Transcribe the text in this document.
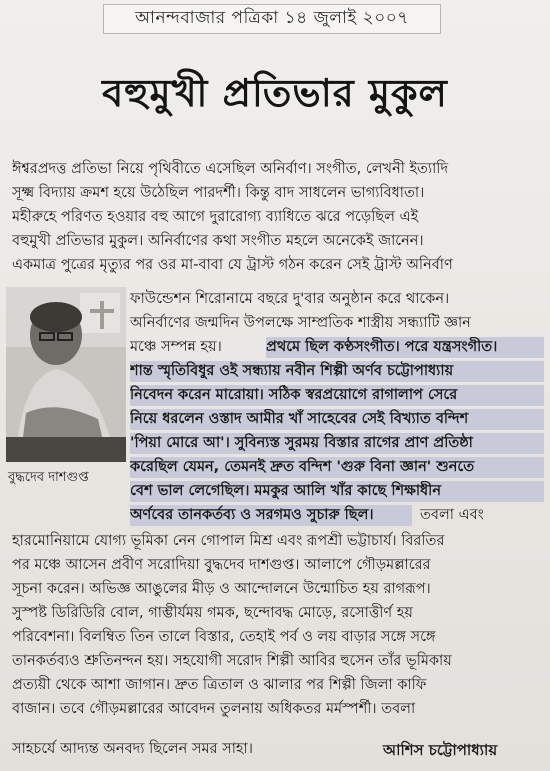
আনন্দবাজার পত্রিকা ১৪ জুলাই ২০০৭
বহুমুখী প্রতিভার মুকুল
ঈশ্বরপ্রদত্ত প্রতিভা নিয়ে পৃথিবীতে এসেছিল অনির্বাণ। সংগীত, লেখনী ইত্যাদি
সূক্ষ্ম বিদ্যায় ক্রমশ হয়ে উঠেছিল পারদর্শী। কিন্তু বাদ সাধলেন ভাগ্যবিধাতা।
মহীরুহে পরিণত হওয়ার বহু আগে দুরারোগ্য ব্যাধিতে ঝরে পড়েছিল এই
বহুমুখী প্রতিভার মুকুল। অনির্বাণের কথা সংগীত মহলে অনেকেই জানেন।
একমাত্র পুত্রের মৃত্যুর পর ওর মা-বাবা যে ট্রাস্ট গঠন করেন সেই ট্রাস্ট অনির্বাণ
ফাউন্ডেশন শিরোনামে বছরে দু'বার অনুষ্ঠান করে থাকেন।
অনির্বাণের জন্মদিন উপলক্ষে সাম্প্রতিক শাস্ত্রীয় সন্ধ্যাটি জ্ঞান
মঞ্চে সম্পন্ন হয়।	প্রথমে ছিল কণ্ঠসংগীত। পরে যন্ত্রসংগীত।
শান্ত স্মৃতিবিধুর ওই সন্ধ্যায় নবীন শিল্পী অর্ণব চট্টোপাধ্যায়
নিবেদন করেন মারোয়া। সঠিক স্বরপ্রয়োগে রাগালাপ সেরে
নিয়ে ধরলেন ওস্তাদ আমীর খাঁ সাহেবের সেই বিখ্যাত বন্দিশ
'পিয়া মোরে আ'। সুবিন্যস্ত সুরময় বিস্তার রাগের প্রাণ প্রতিষ্ঠা
করেছিল যেমন, তেমনই দ্রুত বন্দিশ 'গুরু বিনা জ্ঞান' শুনতে
বেশ ভাল লেগেছিল। মমকুর আলি খাঁর কাছে শিক্ষাধীন
অর্ণবের তানকর্তব্য ও সরগমও সুচারু ছিল।	তবলা এবং
হারমোনিয়ামে যোগ্য ভূমিকা নেন গোপাল মিশ্র এবং রূপশ্রী ভট্টাচার্য। বিরতির
পর মঞ্চে আসেন প্রবীণ সরোদিয়া বুদ্ধদেব দাশগুপ্ত। আলাপে গৌড়মল্লারের
সূচনা করেন। অভিজ্ঞ আঙুলের মীড় ও আন্দোলনে উন্মোচিত হয় রাগরূপ।
সুস্পষ্ট ডিরিডিরি বোল, গাম্ভীর্যময় গমক, ছন্দোবদ্ধ মোড়ে, রসোত্তীর্ণ হয়
পরিবেশনা। বিলম্বিত তিন তালে বিস্তার, তেহাই পর্ব ও লয় বাড়ার সঙ্গে সঙ্গে
তানকর্তব্যও শ্রুতিনন্দন হয়। সহযোগী সরোদ শিল্পী আবির হুসেন তাঁর ভূমিকায়
প্রত্যয়ী থেকে আশা জাগান। দ্রুত ত্রিতাল ও ঝালার পর শিল্পী জিলা কাফি
বাজান। তবে গৌড়মল্লারের আবেদন তুলনায় অধিকতর মর্মস্পর্শী। তবলা
সাহচর্যে আদ্যন্ত অনবদ্য ছিলেন সমর সাহা।
বুদ্ধদেব দাশগুপ্ত
আশিস চট্টোপাধ্যায়
